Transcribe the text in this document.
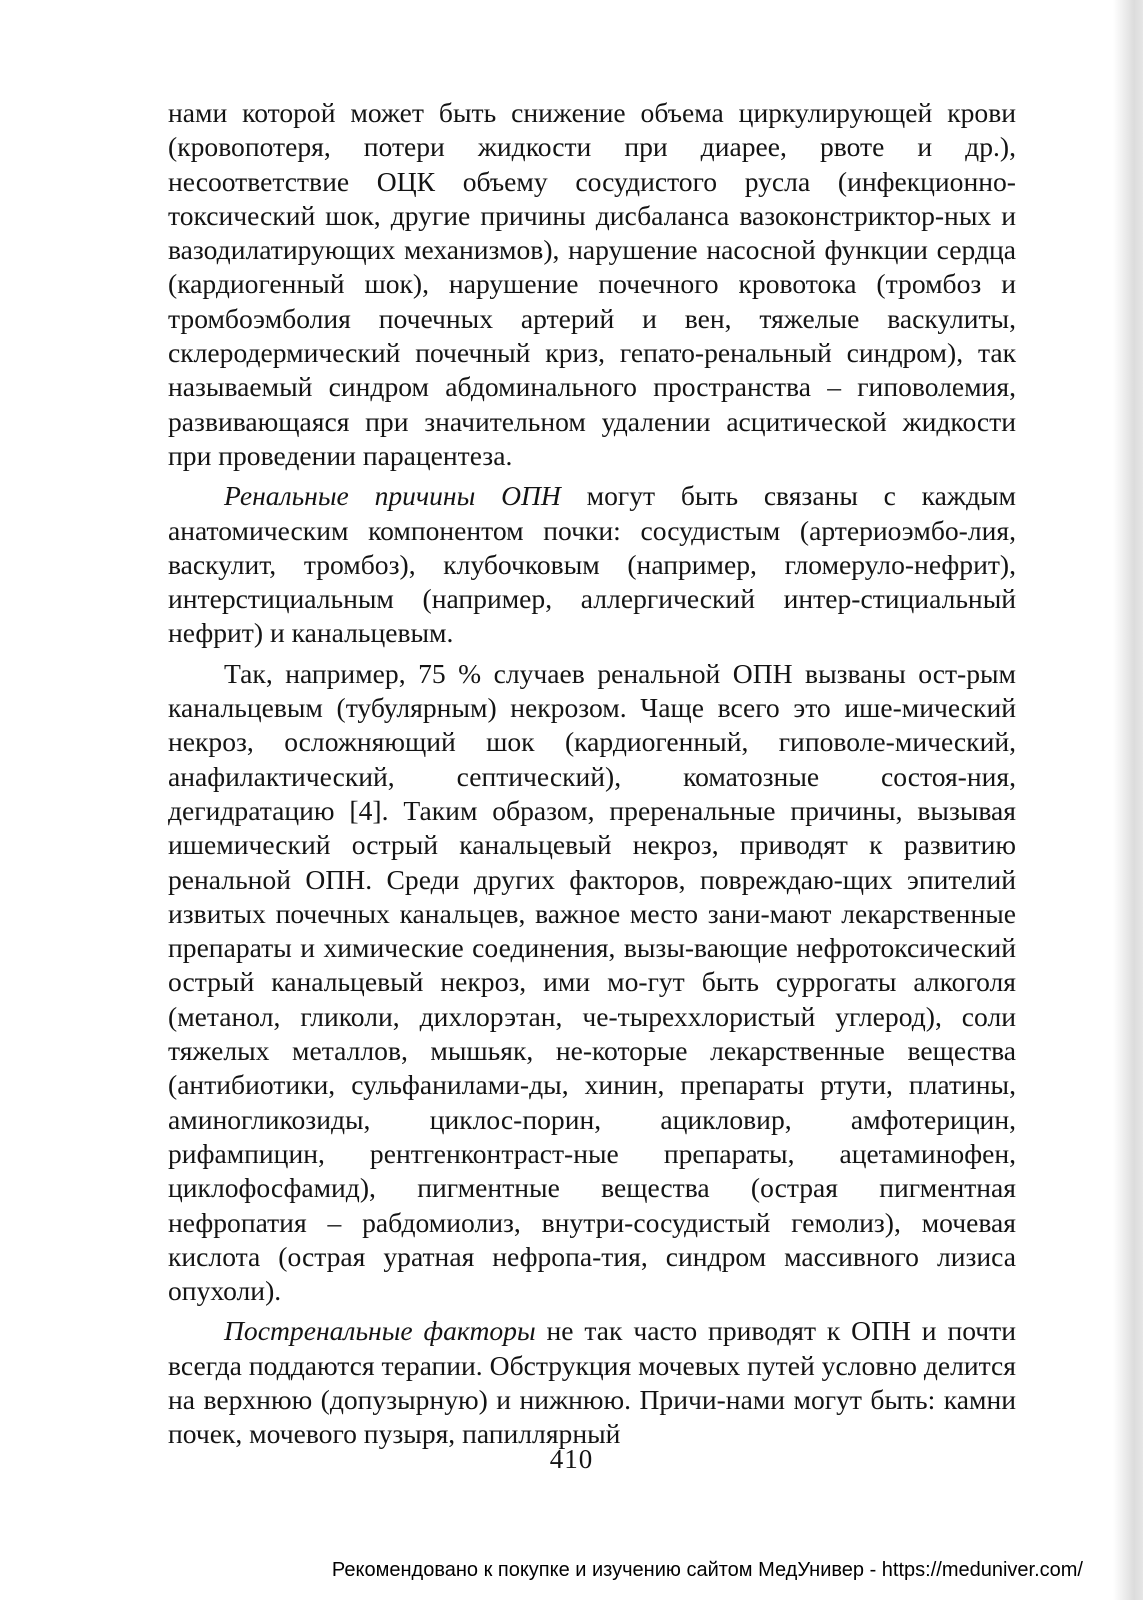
нами которой может быть снижение объема циркулирующей крови (кровопотеря, потери жидкости при диарее, рвоте и др.), несоответствие ОЦК объему сосудистого русла (инфекционно-токсический шок, другие причины дисбаланса вазоконстриктор-ных и вазодилатирующих механизмов), нарушение насосной функции сердца (кардиогенный шок), нарушение почечного кровотока (тромбоз и тромбоэмболия почечных артерий и вен, тяжелые васкулиты, склеродермический почечный криз, гепато-ренальный синдром), так называемый синдром абдоминального пространства – гиповолемия, развивающаяся при значительном удалении асцитической жидкости при проведении парацентеза.

Ренальные причины ОПН могут быть связаны с каждым анатомическим компонентом почки: сосудистым (артериоэмбо-лия, васкулит, тромбоз), клубочковым (например, гломеруло-нефрит), интерстициальным (например, аллергический интер-стициальный нефрит) и канальцевым.

Так, например, 75 % случаев ренальной ОПН вызваны ост-рым канальцевым (тубулярным) некрозом. Чаще всего это ише-мический некроз, осложняющий шок (кардиогенный, гиповоле-мический, анафилактический, септический), коматозные состоя-ния, дегидратацию [4]. Таким образом, преренальные причины, вызывая ишемический острый канальцевый некроз, приводят к развитию ренальной ОПН. Среди других факторов, повреждаю-щих эпителий извитых почечных канальцев, важное место зани-мают лекарственные препараты и химические соединения, вызы-вающие нефротоксический острый канальцевый некроз, ими мо-гут быть суррогаты алкоголя (метанол, гликоли, дихлорэтан, че-тыреххлористый углерод), соли тяжелых металлов, мышьяк, не-которые лекарственные вещества (антибиотики, сульфанилами-ды, хинин, препараты ртути, платины, аминогликозиды, циклос-порин, ацикловир, амфотерицин, рифампицин, рентгенконтраст-ные препараты, ацетаминофен, циклофосфамид), пигментные вещества (острая пигментная нефропатия – рабдомиолиз, внутри-сосудистый гемолиз), мочевая кислота (острая уратная нефропа-тия, синдром массивного лизиса опухоли).

Постренальные факторы не так часто приводят к ОПН и почти всегда поддаются терапии. Обструкция мочевых путей условно делится на верхнюю (допузырную) и нижнюю. Причи-нами могут быть: камни почек, мочевого пузыря, папиллярный

410
Рекомендовано к покупке и изучению сайтом МедУнивер - https://meduniver.com/
